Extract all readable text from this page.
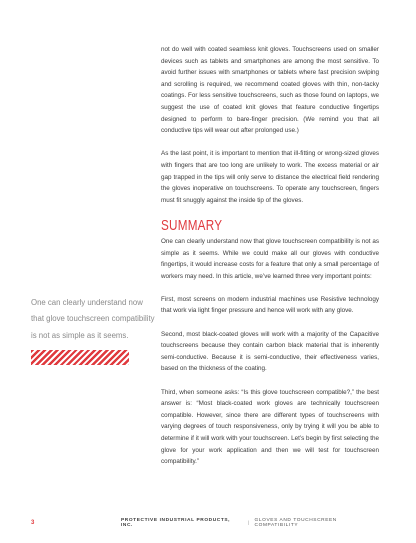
not do well with coated seamless knit gloves. Touchscreens used on smaller devices such as tablets and smartphones are among the most sensitive. To avoid further issues with smartphones or tablets where fast precision swiping and scrolling is required, we recommend coated gloves with thin, non-tacky coatings. For less sensitive touchscreens, such as those found on laptops, we suggest the use of coated knit gloves that feature conductive fingertips designed to perform to bare-finger precision. (We remind you that all conductive tips will wear out after prolonged use.)

As the last point, it is important to mention that ill-fitting or wrong-sized gloves with fingers that are too long are unlikely to work. The excess material or air gap trapped in the tips will only serve to distance the electrical field rendering the gloves inoperative on touchscreens. To operate any touchscreen, fingers must fit snuggly against the inside tip of the gloves.

SUMMARY

One can clearly understand now that glove touchscreen compatibility is not as simple as it seems. While we could make all our gloves with conductive fingertips, it would increase costs for a feature that only a small percentage of workers may need. In this article, we’ve learned three very important points:

First, most screens on modern industrial machines use Resistive technology that work via light finger pressure and hence will work with any glove.

Second, most black-coated gloves will work with a majority of the Capacitive touchscreens because they contain carbon black material that is inherently semi-conductive. Because it is semi-conductive, their effectiveness varies, based on the thickness of the coating.

Third, when someone asks: “Is this glove touchscreen compatible?,” the best answer is: “Most black-coated work gloves are technically touchscreen compatible. However, since there are different types of touchscreens with varying degrees of touch responsiveness, only by trying it will you be able to determine if it will work with your touchscreen. Let’s begin by first selecting the glove for your work application and then we will test for touchscreen compatibility.”

One can clearly understand now
that glove touchscreen compatibility
is not as simple as it seems.
3	PROTECTIVE INDUSTRIAL PRODUCTS, INC.	| GLOVES AND TOUCHSCREEN COMPATIBILITY
